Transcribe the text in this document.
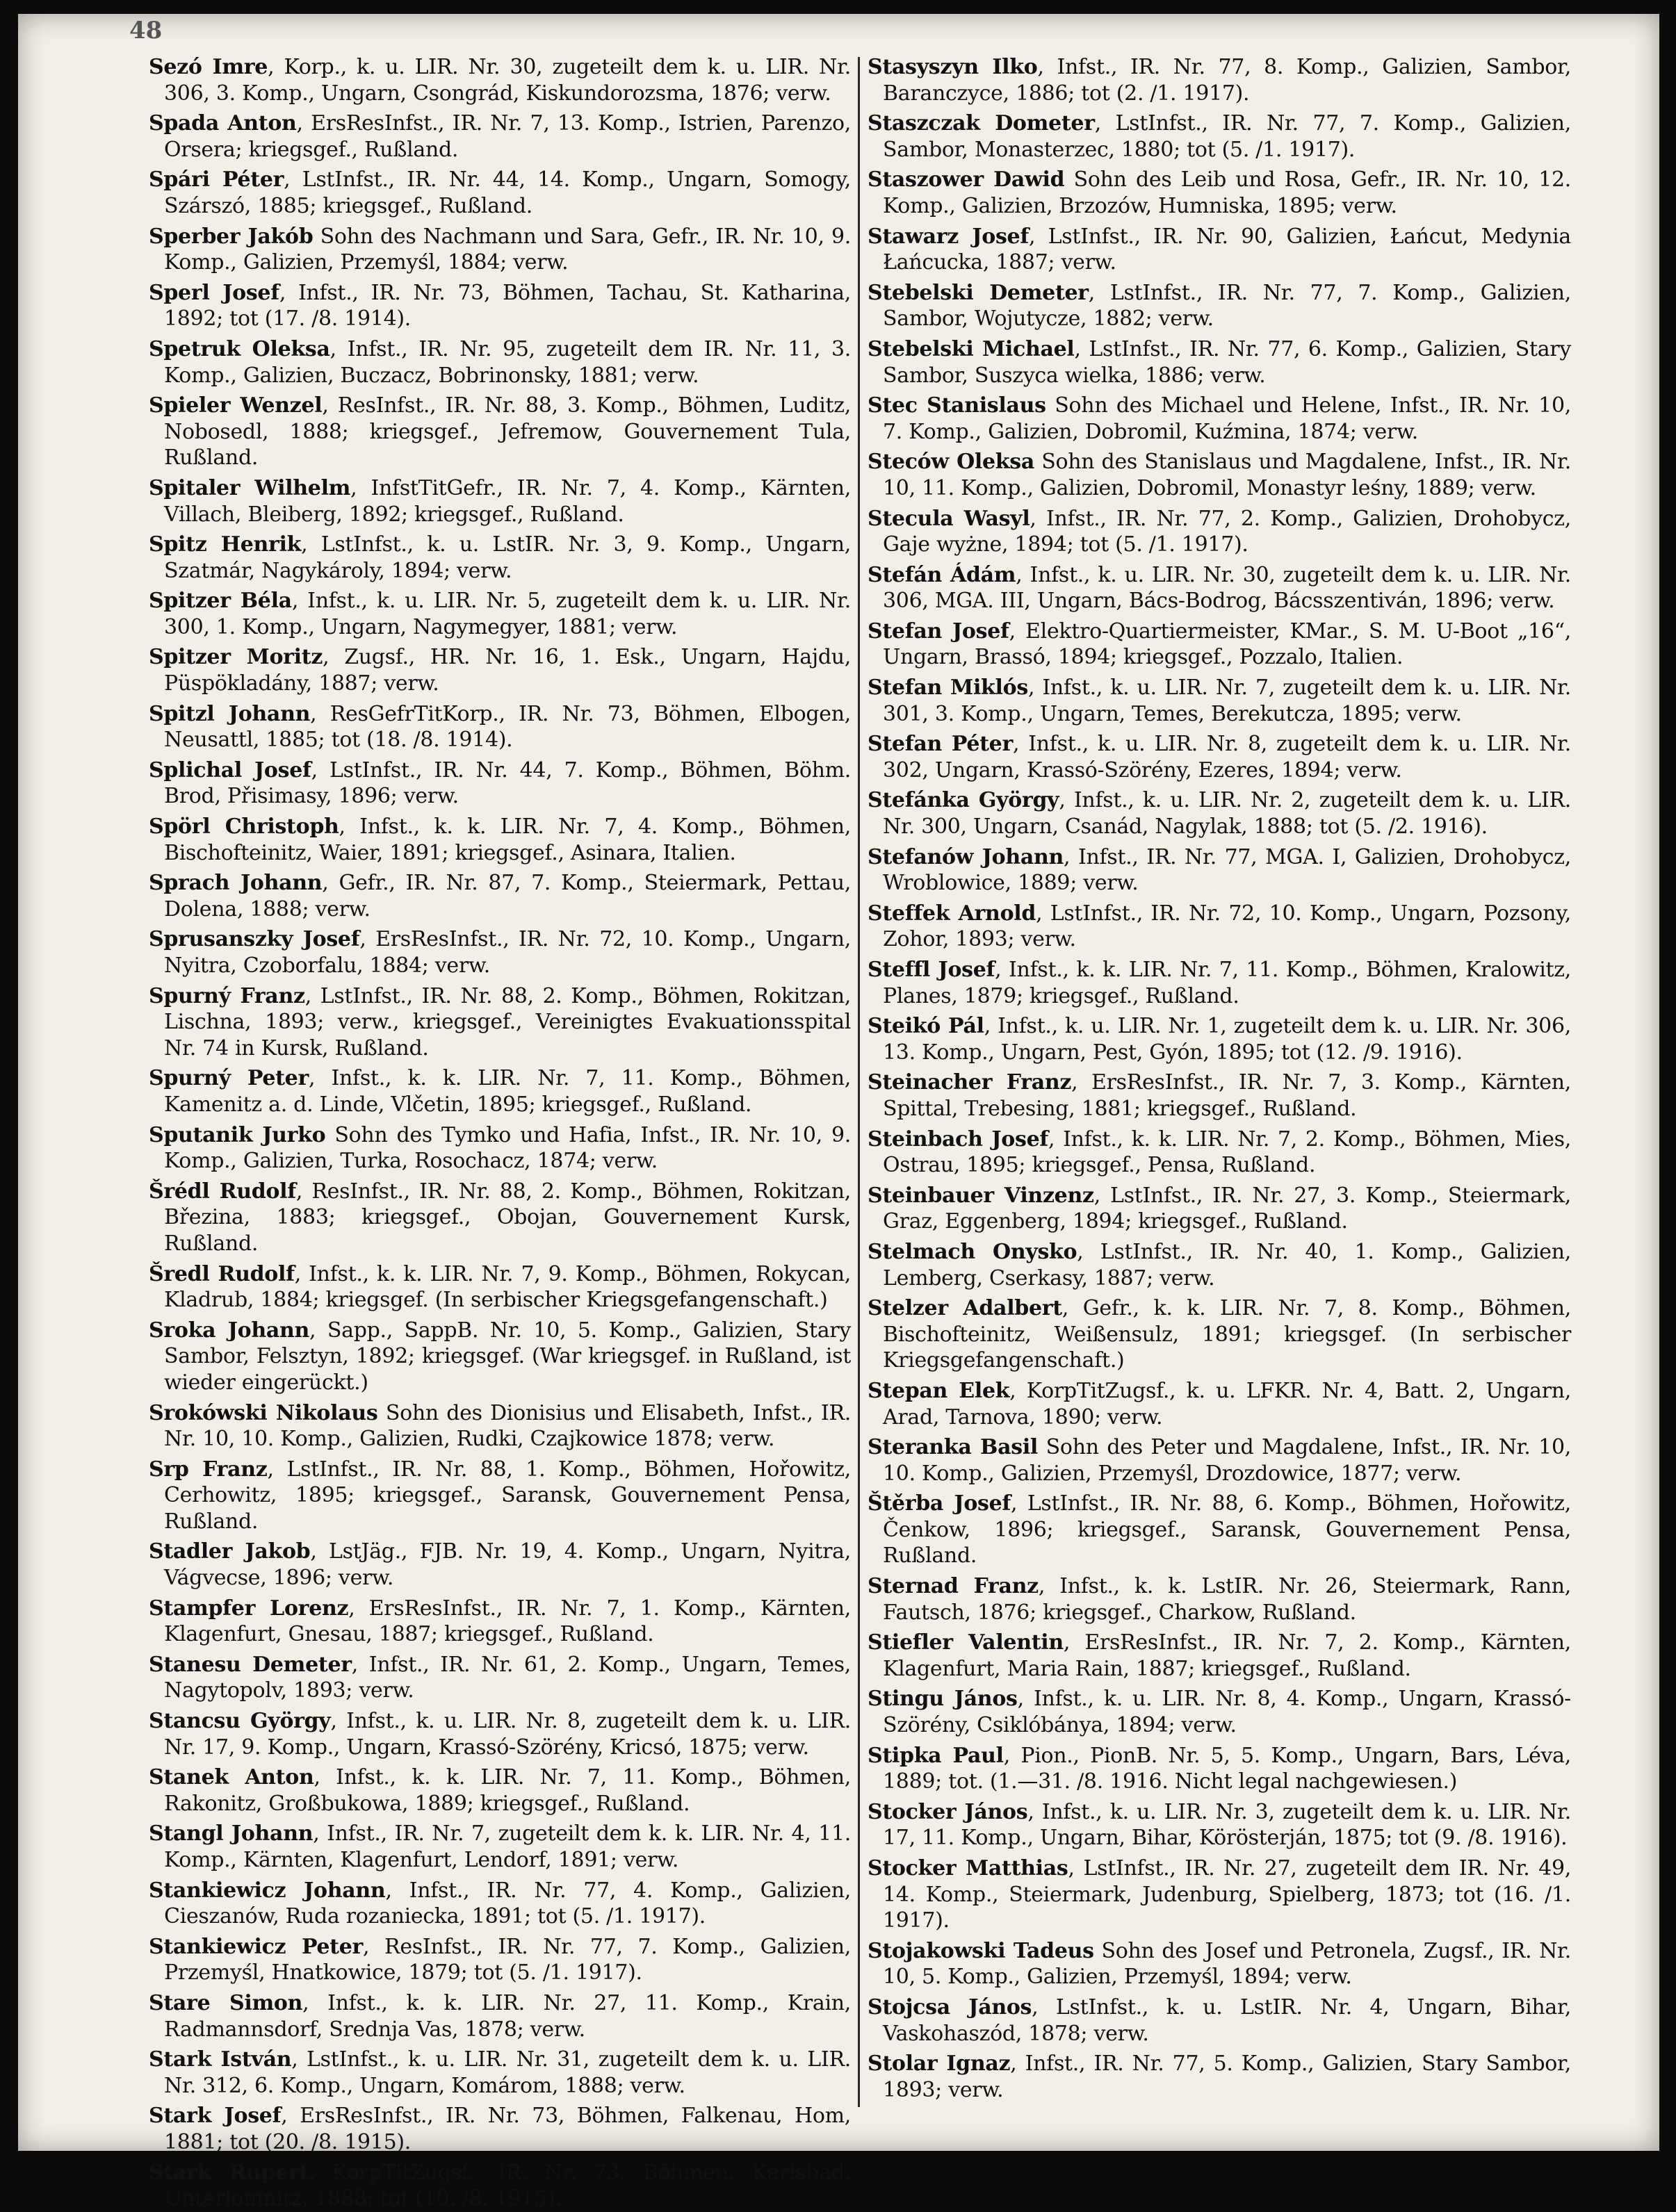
48

Sezó Imre, Korp., k. u. LIR. Nr. 30, zugeteilt dem k. u. LIR. Nr. 306, 3. Komp., Ungarn, Csongrád, Kiskundorozsma, 1876; verw.

Spada Anton, ErsResInfst., IR. Nr. 7, 13. Komp., Istrien, Parenzo, Orsera; kriegsgef., Rußland.

Spári Péter, LstInfst., IR. Nr. 44, 14. Komp., Ungarn, Somogy, Szárszó, 1885; kriegsgef., Rußland.

Sperber Jakób Sohn des Nachmann und Sara, Gefr., IR. Nr. 10, 9. Komp., Galizien, Przemyśl, 1884; verw.

Sperl Josef, Infst., IR. Nr. 73, Böhmen, Tachau, St. Katharina, 1892; tot (17. /8. 1914).

Spetruk Oleksa, Infst., IR. Nr. 95, zugeteilt dem IR. Nr. 11, 3. Komp., Galizien, Buczacz, Bobrinonsky, 1881; verw.

Spieler Wenzel, ResInfst., IR. Nr. 88, 3. Komp., Böhmen, Luditz, Nobosedl, 1888; kriegsgef., Jefremow, Gouvernement Tula, Rußland.

Spitaler Wilhelm, InfstTitGefr., IR. Nr. 7, 4. Komp., Kärnten, Villach, Bleiberg, 1892; kriegsgef., Rußland.

Spitz Henrik, LstInfst., k. u. LstIR. Nr. 3, 9. Komp., Ungarn, Szatmár, Nagykároly, 1894; verw.

Spitzer Béla, Infst., k. u. LIR. Nr. 5, zugeteilt dem k. u. LIR. Nr. 300, 1. Komp., Ungarn, Nagymegyer, 1881; verw.

Spitzer Moritz, Zugsf., HR. Nr. 16, 1. Esk., Ungarn, Hajdu, Püspökladány, 1887; verw.

Spitzl Johann, ResGefrTitKorp., IR. Nr. 73, Böhmen, Elbogen, Neusattl, 1885; tot (18. /8. 1914).

Splichal Josef, LstInfst., IR. Nr. 44, 7. Komp., Böhmen, Böhm. Brod, Přisimasy, 1896; verw.

Spörl Christoph, Infst., k. k. LIR. Nr. 7, 4. Komp., Böhmen, Bischofteinitz, Waier, 1891; kriegsgef., Asinara, Italien.

Sprach Johann, Gefr., IR. Nr. 87, 7. Komp., Steiermark, Pettau, Dolena, 1888; verw.

Sprusanszky Josef, ErsResInfst., IR. Nr. 72, 10. Komp., Ungarn, Nyitra, Czoborfalu, 1884; verw.

Spurný Franz, LstInfst., IR. Nr. 88, 2. Komp., Böhmen, Rokitzan, Lischna, 1893; verw., kriegsgef., Vereinigtes Evakuationsspital Nr. 74 in Kursk, Rußland.

Spurný Peter, Infst., k. k. LIR. Nr. 7, 11. Komp., Böhmen, Kamenitz a. d. Linde, Vlčetin, 1895; kriegsgef., Rußland.

Sputanik Jurko Sohn des Tymko und Hafia, Infst., IR. Nr. 10, 9. Komp., Galizien, Turka, Rosochacz, 1874; verw.

Šrédl Rudolf, ResInfst., IR. Nr. 88, 2. Komp., Böhmen, Rokitzan, Březina, 1883; kriegsgef., Obojan, Gouvernement Kursk, Rußland.

Šredl Rudolf, Infst., k. k. LIR. Nr. 7, 9. Komp., Böhmen, Rokycan, Kladrub, 1884; kriegsgef. (In serbischer Kriegsgefangenschaft.)

Sroka Johann, Sapp., SappB. Nr. 10, 5. Komp., Galizien, Stary Sambor, Felsztyn, 1892; kriegsgef. (War kriegsgef. in Rußland, ist wieder eingerückt.)

Srokówski Nikolaus Sohn des Dionisius und Elisabeth, Infst., IR. Nr. 10, 10. Komp., Galizien, Rudki, Czajkowice 1878; verw.

Srp Franz, LstInfst., IR. Nr. 88, 1. Komp., Böhmen, Hořowitz, Cerhowitz, 1895; kriegsgef., Saransk, Gouvernement Pensa, Rußland.

Stadler Jakob, LstJäg., FJB. Nr. 19, 4. Komp., Ungarn, Nyitra, Vágvecse, 1896; verw.

Stampfer Lorenz, ErsResInfst., IR. Nr. 7, 1. Komp., Kärnten, Klagenfurt, Gnesau, 1887; kriegsgef., Rußland.

Stanesu Demeter, Infst., IR. Nr. 61, 2. Komp., Ungarn, Temes, Nagytopolv, 1893; verw.

Stancsu György, Infst., k. u. LIR. Nr. 8, zugeteilt dem k. u. LIR. Nr. 17, 9. Komp., Ungarn, Krassó-Szörény, Kricsó, 1875; verw.

Stanek Anton, Infst., k. k. LIR. Nr. 7, 11. Komp., Böhmen, Rakonitz, Großbukowa, 1889; kriegsgef., Rußland.

Stangl Johann, Infst., IR. Nr. 7, zugeteilt dem k. k. LIR. Nr. 4, 11. Komp., Kärnten, Klagenfurt, Lendorf, 1891; verw.

Stankiewicz Johann, Infst., IR. Nr. 77, 4. Komp., Galizien, Cieszanów, Ruda rozaniecka, 1891; tot (5. /1. 1917).

Stankiewicz Peter, ResInfst., IR. Nr. 77, 7. Komp., Galizien, Przemyśl, Hnatkowice, 1879; tot (5. /1. 1917).

Stare Simon, Infst., k. k. LIR. Nr. 27, 11. Komp., Krain, Radmannsdorf, Srednja Vas, 1878; verw.

Stark István, LstInfst., k. u. LIR. Nr. 31, zugeteilt dem k. u. LIR. Nr. 312, 6. Komp., Ungarn, Komárom, 1888; verw.

Stark Josef, ErsResInfst., IR. Nr. 73, Böhmen, Falkenau, Hom, 1881; tot (20. /8. 1915).

Stark Rupert, KorpTitZugsf., IR. Nr. 73, Böhmen, Karlsbad, Unterlomnitz, 1888; tot (10. /8. 1915).

Stasyszyn Ilko, Infst., IR. Nr. 77, 8. Komp., Galizien, Sambor, Baranczyce, 1886; tot (2. /1. 1917).

Staszczak Dometer, LstInfst., IR. Nr. 77, 7. Komp., Galizien, Sambor, Monasterzec, 1880; tot (5. /1. 1917).

Staszower Dawid Sohn des Leib und Rosa, Gefr., IR. Nr. 10, 12. Komp., Galizien, Brzozów, Humniska, 1895; verw.

Stawarz Josef, LstInfst., IR. Nr. 90, Galizien, Łańcut, Medynia Łańcucka, 1887; verw.

Stebelski Demeter, LstInfst., IR. Nr. 77, 7. Komp., Galizien, Sambor, Wojutycze, 1882; verw.

Stebelski Michael, LstInfst., IR. Nr. 77, 6. Komp., Galizien, Stary Sambor, Suszyca wielka, 1886; verw.

Stec Stanislaus Sohn des Michael und Helene, Infst., IR. Nr. 10, 7. Komp., Galizien, Dobromil, Kuźmina, 1874; verw.

Steców Oleksa Sohn des Stanislaus und Magdalene, Infst., IR. Nr. 10, 11. Komp., Galizien, Dobromil, Monastyr leśny, 1889; verw.

Stecula Wasyl, Infst., IR. Nr. 77, 2. Komp., Galizien, Drohobycz, Gaje wyżne, 1894; tot (5. /1. 1917).

Stefán Ádám, Infst., k. u. LIR. Nr. 30, zugeteilt dem k. u. LIR. Nr. 306, MGA. III, Ungarn, Bács-Bodrog, Bácsszentiván, 1896; verw.

Stefan Josef, Elektro-Quartiermeister, KMar., S. M. U-Boot „16“, Ungarn, Brassó, 1894; kriegsgef., Pozzalo, Italien.

Stefan Miklós, Infst., k. u. LIR. Nr. 7, zugeteilt dem k. u. LIR. Nr. 301, 3. Komp., Ungarn, Temes, Berekutcza, 1895; verw.

Stefan Péter, Infst., k. u. LIR. Nr. 8, zugeteilt dem k. u. LIR. Nr. 302, Ungarn, Krassó-Szörény, Ezeres, 1894; verw.

Stefánka György, Infst., k. u. LIR. Nr. 2, zugeteilt dem k. u. LIR. Nr. 300, Ungarn, Csanád, Nagylak, 1888; tot (5. /2. 1916).

Stefanów Johann, Infst., IR. Nr. 77, MGA. I, Galizien, Drohobycz, Wroblowice, 1889; verw.

Steffek Arnold, LstInfst., IR. Nr. 72, 10. Komp., Ungarn, Pozsony, Zohor, 1893; verw.

Steffl Josef, Infst., k. k. LIR. Nr. 7, 11. Komp., Böhmen, Kralowitz, Planes, 1879; kriegsgef., Rußland.

Steikó Pál, Infst., k. u. LIR. Nr. 1, zugeteilt dem k. u. LIR. Nr. 306, 13. Komp., Ungarn, Pest, Gyón, 1895; tot (12. /9. 1916).

Steinacher Franz, ErsResInfst., IR. Nr. 7, 3. Komp., Kärnten, Spittal, Trebesing, 1881; kriegsgef., Rußland.

Steinbach Josef, Infst., k. k. LIR. Nr. 7, 2. Komp., Böhmen, Mies, Ostrau, 1895; kriegsgef., Pensa, Rußland.

Steinbauer Vinzenz, LstInfst., IR. Nr. 27, 3. Komp., Steiermark, Graz, Eggenberg, 1894; kriegsgef., Rußland.

Stelmach Onysko, LstInfst., IR. Nr. 40, 1. Komp., Galizien, Lemberg, Cserkasy, 1887; verw.

Stelzer Adalbert, Gefr., k. k. LIR. Nr. 7, 8. Komp., Böhmen, Bischofteinitz, Weißensulz, 1891; kriegsgef. (In serbischer Kriegsgefangenschaft.)

Stepan Elek, KorpTitZugsf., k. u. LFKR. Nr. 4, Batt. 2, Ungarn, Arad, Tarnova, 1890; verw.

Steranka Basil Sohn des Peter und Magdalene, Infst., IR. Nr. 10, 10. Komp., Galizien, Przemyśl, Drozdowice, 1877; verw.

Štěrba Josef, LstInfst., IR. Nr. 88, 6. Komp., Böhmen, Hořowitz, Čenkow, 1896; kriegsgef., Saransk, Gouvernement Pensa, Rußland.

Sternad Franz, Infst., k. k. LstIR. Nr. 26, Steiermark, Rann, Fautsch, 1876; kriegsgef., Charkow, Rußland.

Stiefler Valentin, ErsResInfst., IR. Nr. 7, 2. Komp., Kärnten, Klagenfurt, Maria Rain, 1887; kriegsgef., Rußland.

Stingu János, Infst., k. u. LIR. Nr. 8, 4. Komp., Ungarn, Krassó-Szörény, Csiklóbánya, 1894; verw.

Stipka Paul, Pion., PionB. Nr. 5, 5. Komp., Ungarn, Bars, Léva, 1889; tot. (1.—31. /8. 1916. Nicht legal nachgewiesen.)

Stocker János, Infst., k. u. LIR. Nr. 3, zugeteilt dem k. u. LIR. Nr. 17, 11. Komp., Ungarn, Bihar, Körösterján, 1875; tot (9. /8. 1916).

Stocker Matthias, LstInfst., IR. Nr. 27, zugeteilt dem IR. Nr. 49, 14. Komp., Steiermark, Judenburg, Spielberg, 1873; tot (16. /1. 1917).

Stojakowski Tadeus Sohn des Josef und Petronela, Zugsf., IR. Nr. 10, 5. Komp., Galizien, Przemyśl, 1894; verw.

Stojcsa János, LstInfst., k. u. LstIR. Nr. 4, Ungarn, Bihar, Vaskohaszód, 1878; verw.

Stolar Ignaz, Infst., IR. Nr. 77, 5. Komp., Galizien, Stary Sambor, 1893; verw.
